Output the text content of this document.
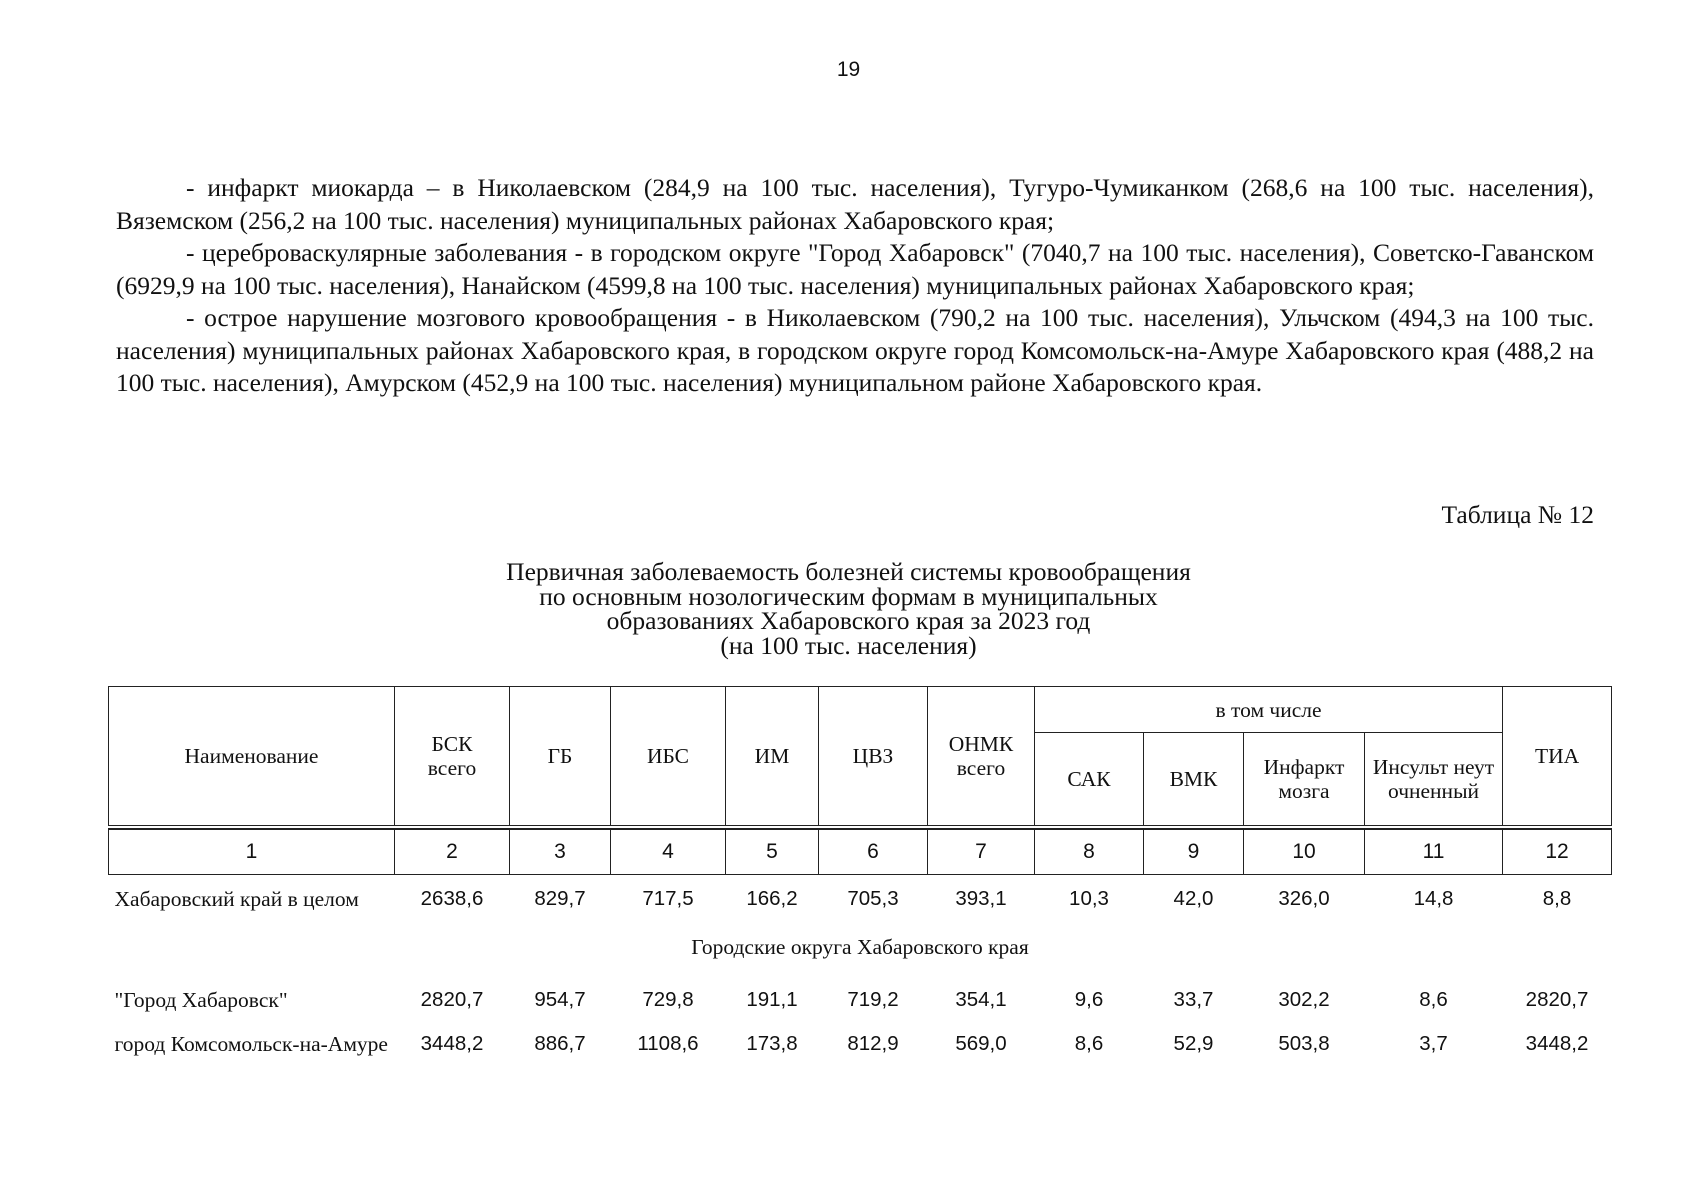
19

- инфаркт миокарда – в Николаевском (284,9 на 100 тыс. населения), Тугуро-Чумиканком (268,6 на 100 тыс. населения), Вяземском (256,2 на 100 тыс. населения) муниципальных районах Хабаровского края;

- цереброваскулярные заболевания - в городском округе "Город Хабаровск" (7040,7 на 100 тыс. населения), Советско-Гаванском (6929,9 на 100 тыс. населения), Нанайском (4599,8 на 100 тыс. населения) муниципальных районах Хабаровского края;

- острое нарушение мозгового кровообращения - в Николаевском (790,2 на 100 тыс. населения), Ульчском (494,3 на 100 тыс. населения) муниципальных районах Хабаровского края, в городском округе город Комсомольск-на-Амуре Хабаровского края (488,2 на 100 тыс. населения), Амурском (452,9 на 100 тыс. населения) муниципальном районе Хабаровского края.

Таблица № 12
Первичная заболеваемость болезней системы кровообращения
по основным нозологическим формам в муниципальных
образованиях Хабаровского края за 2023 год
(на 100 тыс. населения)
Наименование	БСК всего	ГБ	ИБС	ИМ	ЦВЗ	ОНМК всего	в том числе				ТИА
							САК	ВМК	Инфаркт мозга	Инсульт неуточненный	

1	2	3	4	5	6	7	8	9	10	11	12
Хабаровский край в целом	2638,6	829,7	717,5	166,2	705,3	393,1	10,3	42,0	326,0	14,8	8,8
Городские округа Хабаровского края											
"Город Хабаровск"	2820,7	954,7	729,8	191,1	719,2	354,1	9,6	33,7	302,2	8,6	2820,7
город Комсомольск-на-Амуре	3448,2	886,7	1108,6	173,8	812,9	569,0	8,6	52,9	503,8	3,7	3448,2
